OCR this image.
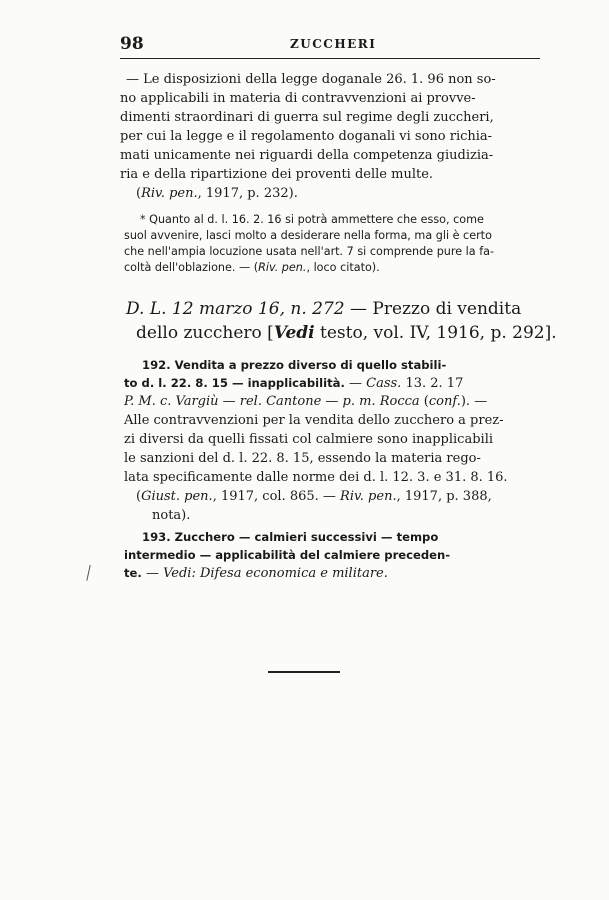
98	ZUCCHERI
— Le disposizioni della legge doganale 26. 1. 96 non so-
no applicabili in materia di contravvenzioni ai provve-
dimenti straordinari di guerra sul regime degli zuccheri,
per cui la legge e il regolamento doganali vi sono richia-
mati unicamente nei riguardi della competenza giudizia-
ria e della ripartizione dei proventi delle multe.
(Riv. pen., 1917, p. 232).
* Quanto al d. l. 16. 2. 16 si potrà ammettere che esso, come
suol avvenire, lasci molto a desiderare nella forma, ma gli è certo
che nell'ampia locuzione usata nell'art. 7 si comprende pure la fa-
coltà dell'oblazione. — (Riv. pen., loco citato).
D. L. 12 marzo 16, n. 272 — Prezzo di vendita
dello zucchero [Vedi testo, vol. IV, 1916, p. 292].
192. Vendita a prezzo diverso di quello stabili-
to d. l. 22. 8. 15 — inapplicabilità. — Cass. 13. 2. 17
P. M. c. Vargiù — rel. Cantone — p. m. Rocca (conf.). —
Alle contravvenzioni per la vendita dello zucchero a prez-
zi diversi da quelli fissati col calmiere sono inapplicabili
le sanzioni del d. l. 22. 8. 15, essendo la materia rego-
lata specificamente dalle norme dei d. l. 12. 3. e 31. 8. 16.
(Giust. pen., 1917, col. 865. — Riv. pen., 1917, p. 388,
nota).
193. Zucchero — calmieri successivi — tempo
intermedio — applicabilità del calmiere preceden-
te. — Vedi: Difesa economica e militare.
